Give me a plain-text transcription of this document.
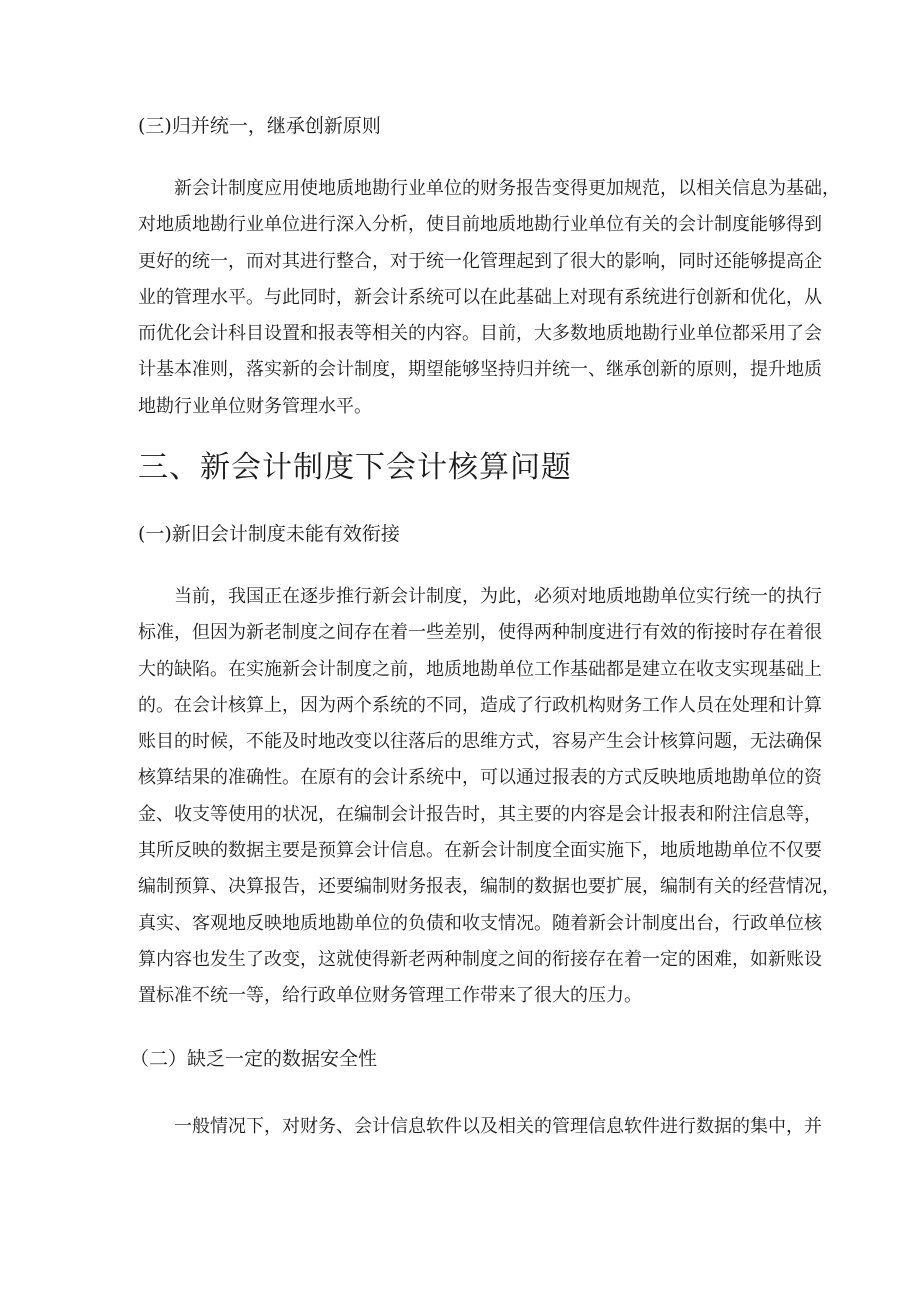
(三)归并统一，继承创新原则
新会计制度应用使地质地勘行业单位的财务报告变得更加规范，以相关信息为基础，
对地质地勘行业单位进行深入分析，使目前地质地勘行业单位有关的会计制度能够得到
更好的统一，而对其进行整合，对于统一化管理起到了很大的影响，同时还能够提高企
业的管理水平。与此同时，新会计系统可以在此基础上对现有系统进行创新和优化，从
而优化会计科目设置和报表等相关的内容。目前，大多数地质地勘行业单位都采用了会
计基本准则，落实新的会计制度，期望能够坚持归并统一、继承创新的原则，提升地质
地勘行业单位财务管理水平。
三、新会计制度下会计核算问题
(一)新旧会计制度未能有效衔接
当前，我国正在逐步推行新会计制度，为此，必须对地质地勘单位实行统一的执行
标准，但因为新老制度之间存在着一些差别，使得两种制度进行有效的衔接时存在着很
大的缺陷。在实施新会计制度之前，地质地勘单位工作基础都是建立在收支实现基础上
的。在会计核算上，因为两个系统的不同，造成了行政机构财务工作人员在处理和计算
账目的时候，不能及时地改变以往落后的思维方式，容易产生会计核算问题，无法确保
核算结果的准确性。在原有的会计系统中，可以通过报表的方式反映地质地勘单位的资
金、收支等使用的状况，在编制会计报告时，其主要的内容是会计报表和附注信息等，
其所反映的数据主要是预算会计信息。在新会计制度全面实施下，地质地勘单位不仅要
编制预算、决算报告，还要编制财务报表，编制的数据也要扩展，编制有关的经营情况，
真实、客观地反映地质地勘单位的负债和收支情况。随着新会计制度出台，行政单位核
算内容也发生了改变，这就使得新老两种制度之间的衔接存在着一定的困难，如新账设
置标准不统一等，给行政单位财务管理工作带来了很大的压力。
（二）缺乏一定的数据安全性
一般情况下，对财务、会计信息软件以及相关的管理信息软件进行数据的集中，并
